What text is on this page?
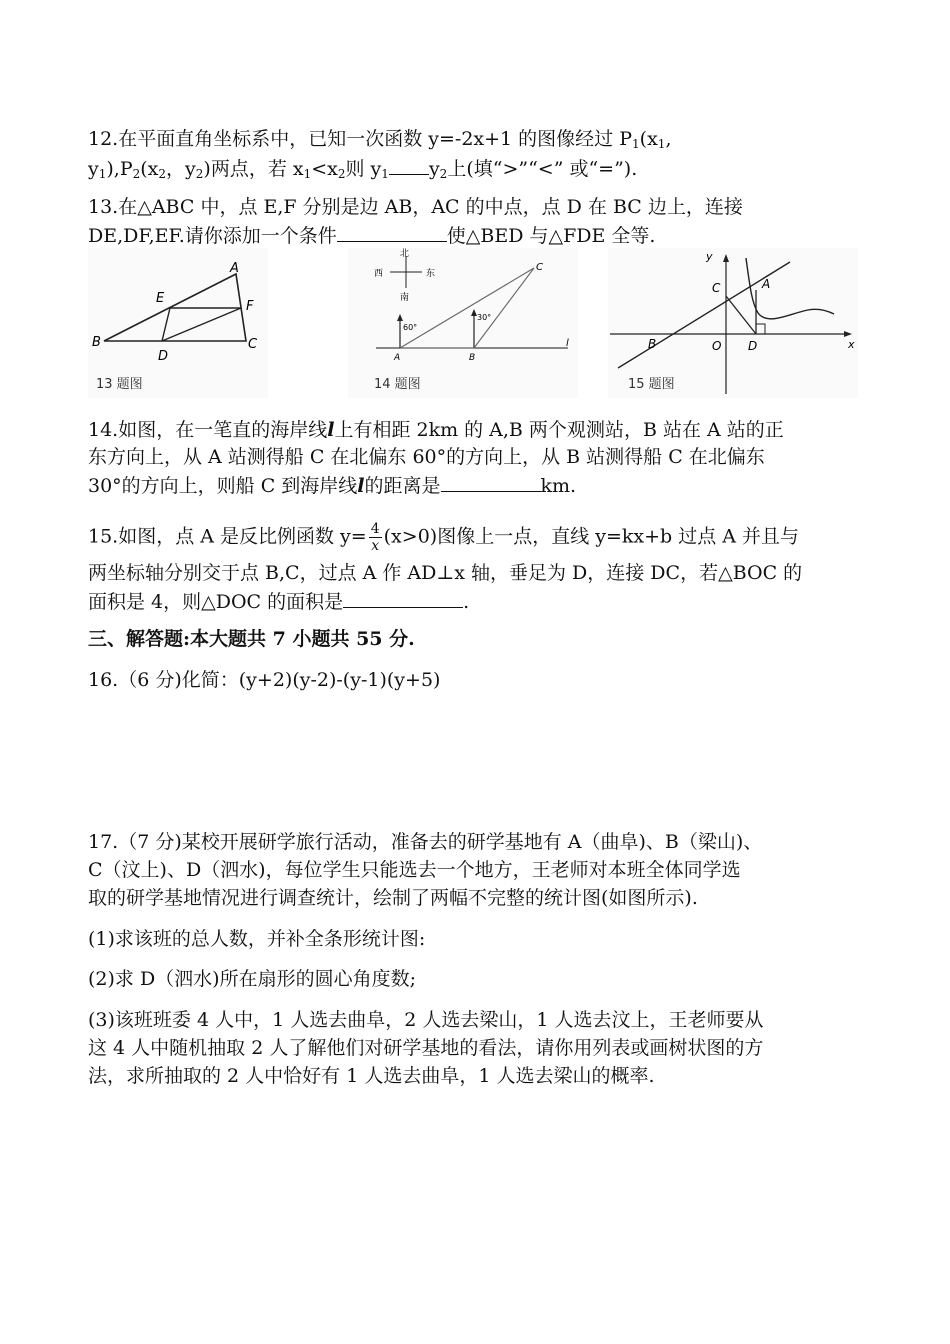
12.在平面直角坐标系中，已知一次函数 y=-2x+1 的图像经过 $P_1(x_1$,
$y_1),P_2(x_2$，$y_2$)两点，若 $x_1<x_2$则 $y_1$ $y_2$上(填“>”“<” 或“=”).
13.在△ABC 中，点 E,F 分别是边 AB，AC 的中点，点 D 在 BC 边上，连接
DE,DF,EF.请你添加一个条件	使△BED 与△FDE 全等.
A
B	C
D
E
F
13 题图
北
南
西	东
60°
30°
A	B
C
l
14 题图
y
x
A
B
C
D
O
15 题图
14.如图，在一笔直的海岸线l上有相距 2km 的 A,B 两个观测站，B 站在 A 站的正
东方向上，从 A 站测得船 C 在北偏东 60°的方向上，从 B 站测得船 C 在北偏东
30°的方向上，则船 C 到海岸线l的距离是	km.
15.如图，点 A 是反比例函数 $y= \frac{4}{x} (x>0)$图像上一点，直线 y=kx+b 过点 A 并且与
两坐标轴分别交于点 B,C，过点 A 作 AD⊥x 轴，垂足为 D，连接 DC，若△BOC 的
面积是 4，则△DOC 的面积是	.
三、解答题:本大题共 7 小题共 55 分.
16.（6 分)化简：(y+2)(y-2)-(y-1)(y+5)
17.（7 分)某校开展研学旅行活动，准备去的研学基地有 A（曲阜)、B（梁山)、
C（汶上)、D（泗水)，每位学生只能选去一个地方，王老师对本班全体同学选
取的研学基地情况进行调查统计，绘制了两幅不完整的统计图(如图所示).
(1)求该班的总人数，并补全条形统计图:
(2)求 D（泗水)所在扇形的圆心角度数;
(3)该班班委 4 人中，1 人选去曲阜，2 人选去梁山，1 人选去汶上，王老师要从
这 4 人中随机抽取 2 人了解他们对研学基地的看法，请你用列表或画树状图的方
法，求所抽取的 2 人中恰好有 1 人选去曲阜，1 人选去梁山的概率.
